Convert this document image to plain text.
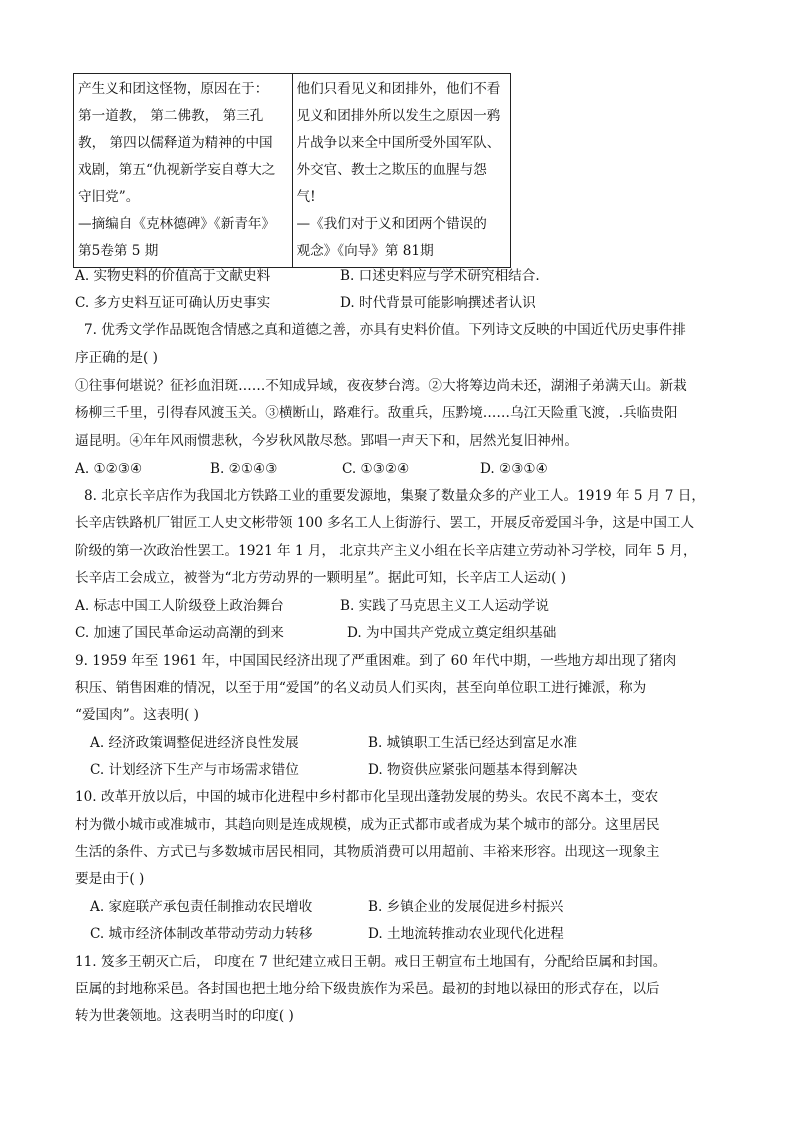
产生义和团这怪物，原因在于：
第一道教， 第二佛教， 第三孔
教， 第四以儒释道为精神的中国
戏剧，第五“仇视新学妄自尊大之
守旧党”。
—摘编自《克林德碑》《新青年》
第5卷第 5 期

他们只看见义和团排外，他们不看
见义和团排外所以发生之原因一鸦
片战争以来全中国所受外国军队、
外交官、教士之欺压的血腥与怨
气!
—《我们对于义和团两个错误的
观念》《向导》第 81期
A. 实物史料的价值高于文献史料	B. 口述史料应与学术研究相结合.
C. 多方史料互证可确认历史事实	D. 时代背景可能影响撰述者认识
7. 优秀文学作品既饱含情感之真和道德之善，亦具有史料价值。下列诗文反映的中国近代历史事件排
序正确的是( )
①往事何堪说？征衫血泪斑……不知成异域，夜夜梦台湾。②大将筹边尚未还，湖湘子弟满天山。新栽
杨柳三千里，引得春风渡玉关。③横断山，路难行。敌重兵，压黔境……乌江天险重飞渡，.兵临贵阳
逼昆明。④年年风雨惯悲秋，今岁秋风散尽愁。郢唱一声天下和，居然光复旧神州。
A. ①②③④	B. ②①④③	C. ①③②④	D. ②③①④
8. 北京长辛店作为我国北方铁路工业的重要发源地，集聚了数量众多的产业工人。1919 年 5 月 7 日，
长辛店铁路机厂钳匠工人史文彬带领 100 多名工人上街游行、罢工，开展反帝爱国斗争，这是中国工人
阶级的第一次政治性罢工。1921 年 1 月， 北京共产主义小组在长辛店建立劳动补习学校，同年 5 月，
长辛店工会成立，被誉为“北方劳动界的一颗明星”。据此可知，长辛店工人运动( )
A. 标志中国工人阶级登上政治舞台	B. 实践了马克思主义工人运动学说
C. 加速了国民革命运动高潮的到来	D. 为中国共产党成立奠定组织基础
9. 1959 年至 1961 年，中国国民经济出现了严重困难。到了 60 年代中期，一些地方却出现了猪肉
积压、销售困难的情况，以至于用“爱国”的名义动员人们买肉，甚至向单位职工进行摊派，称为
“爱国肉”。这表明( )
A. 经济政策调整促进经济良性发展	B. 城镇职工生活已经达到富足水准
C. 计划经济下生产与市场需求错位	D. 物资供应紧张问题基本得到解决
10. 改革开放以后，中国的城市化进程中乡村都市化呈现出蓬勃发展的势头。农民不离本土，变农
村为微小城市或准城市，其趋向则是连成规模，成为正式都市或者成为某个城市的部分。这里居民
生活的条件、方式已与多数城市居民相同，其物质消费可以用超前、丰裕来形容。出现这一现象主
要是由于( )
A. 家庭联产承包责任制推动农民增收	B. 乡镇企业的发展促进乡村振兴
C. 城市经济体制改革带动劳动力转移	D. 土地流转推动农业现代化进程
11. 笈多王朝灭亡后， 印度在 7 世纪建立戒日王朝。戒日王朝宣布土地国有，分配给臣属和封国。
臣属的封地称采邑。各封国也把土地分给下级贵族作为采邑。最初的封地以禄田的形式存在，以后
转为世袭领地。这表明当时的印度( )
